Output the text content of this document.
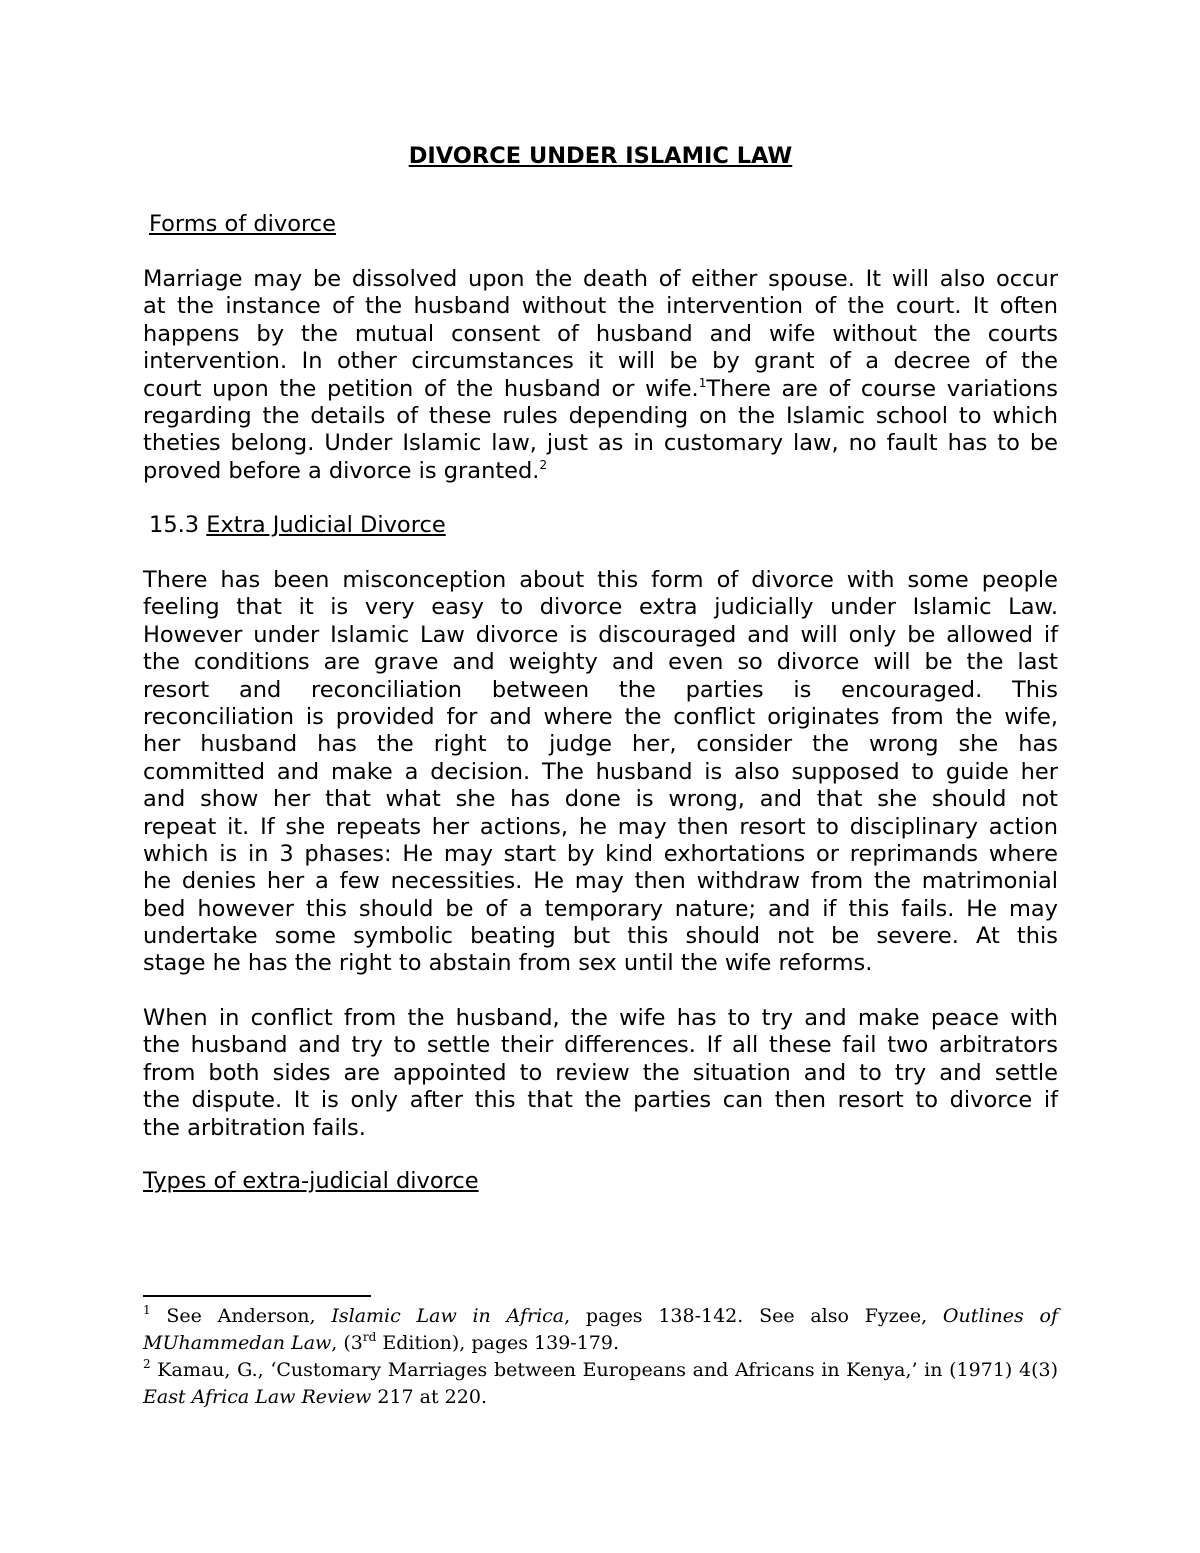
DIVORCE UNDER ISLAMIC LAW
Forms of divorce
Marriage may be dissolved upon the death of either spouse. It will also occur
at the instance of the husband without the intervention of the court. It often
happens by the mutual consent of husband and wife without the courts
intervention. In other circumstances it will be by grant of a decree of the
court upon the petition of the husband or wife.$^1$There are of course variations
regarding the details of these rules depending on the Islamic school to which
theties belong. Under Islamic law, just as in customary law, no fault has to be
proved before a divorce is granted.$^2$
15.3 Extra Judicial Divorce
There has been misconception about this form of divorce with some people
feeling that it is very easy to divorce extra judicially under Islamic Law.
However under Islamic Law divorce is discouraged and will only be allowed if
the conditions are grave and weighty and even so divorce will be the last
resort and reconciliation between the parties is encouraged. This
reconciliation is provided for and where the conflict originates from the wife,
her husband has the right to judge her, consider the wrong she has
committed and make a decision. The husband is also supposed to guide her
and show her that what she has done is wrong, and that she should not
repeat it. If she repeats her actions, he may then resort to disciplinary action
which is in 3 phases: He may start by kind exhortations or reprimands where
he denies her a few necessities. He may then withdraw from the matrimonial
bed however this should be of a temporary nature; and if this fails. He may
undertake some symbolic beating but this should not be severe. At this
stage he has the right to abstain from sex until the wife reforms.
When in conflict from the husband, the wife has to try and make peace with
the husband and try to settle their differences. If all these fail two arbitrators
from both sides are appointed to review the situation and to try and settle
the dispute. It is only after this that the parties can then resort to divorce if
the arbitration fails.
Types of extra-judicial divorce
$^1$ See Anderson, Islamic Law in Africa, pages 138-142. See also Fyzee, Outlines of
MUhammedan Law, (3rd Edition), pages 139-179.
$^2$ Kamau, G., ‘Customary Marriages between Europeans and Africans in Kenya,’ in (1971) 4(3)
East Africa Law Review 217 at 220.
